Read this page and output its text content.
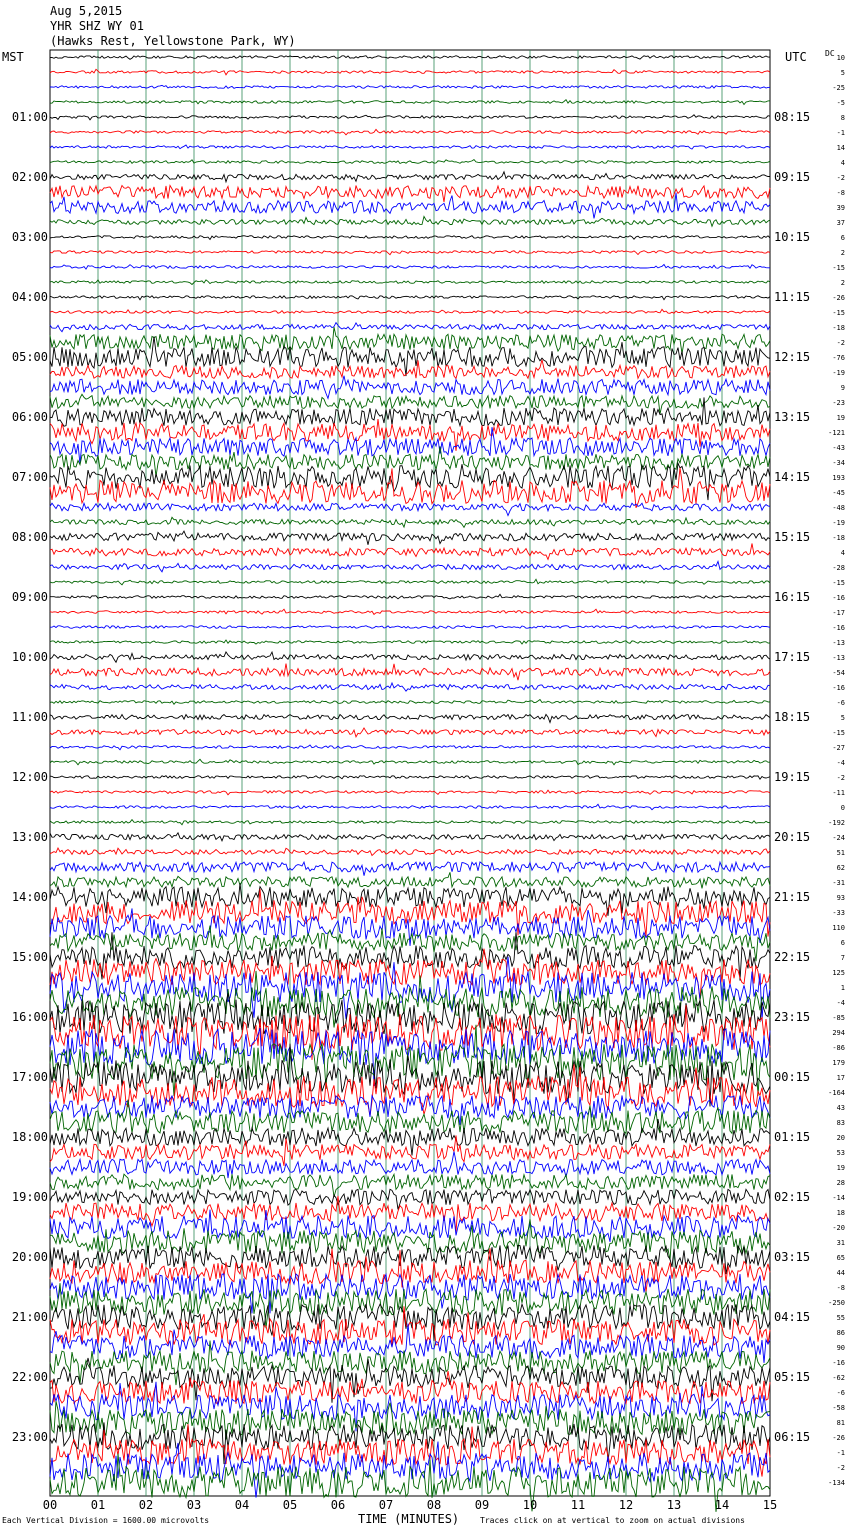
Aug 5,2015
YHR SHZ WY 01
(Hawks Rest, Yellowstone Park, WY)
MST	UTC DC
01:00
02:00
03:00
04:00
05:00
06:00
07:00
08:00
09:00
10:00
11:00
12:00
13:00
14:00
15:00
16:00
17:00
18:00
19:00
20:00
21:00
22:00
23:00
08:15
09:15
10:15
11:15
12:15
13:15
14:15
15:15
16:15
17:15
18:15
19:15
20:15
21:15
22:15
23:15
00:15
01:15
02:15
03:15
04:15
05:15
06:15
10
5
-25
-5
8
-1
14
4
-2
-8
39
37
6
2
-15
2
-26
-15
-18
-2
-76
-19
9
-23
19
-121
-43
-34
193
-45
-48
-19
-18
4
-28
-15
-16
-17
-16
-13
-13
-54
-16
-6
5
-15
-27
-4
-2
-11
0
-192
-24
51
62
-31
93
-33
110
6
7
125
1
-4
-85
294
-86
179
17
-164
43
83
20
53
19
28
-14
18
-20
31
65
44
-8
-250
55
86
90
-16
-62
-6
-58
81
-26
-1
-2
-134
00	01	02	03	04	05	06	07	08	09	10	11	12	13	14	15
TIME (MINUTES)
Each Vertical Division = 1600.00 microvolts	Traces click on at vertical to zoom on actual divisions
